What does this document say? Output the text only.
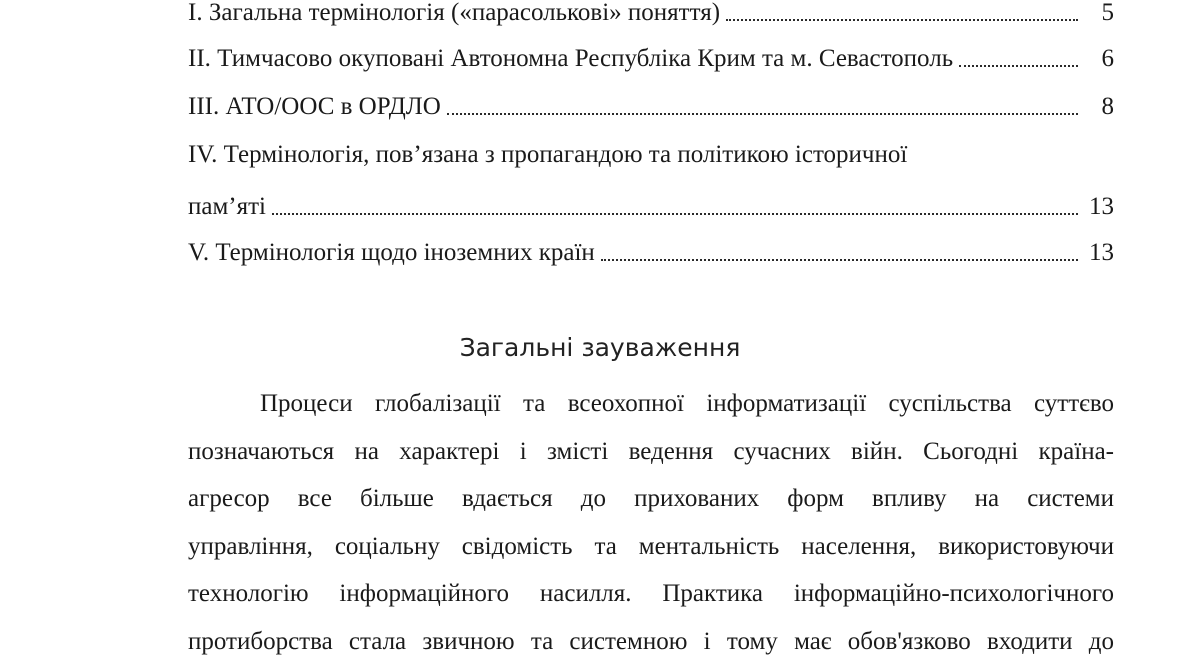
I. Загальна термінологія («парасолькові» поняття)	5
II. Тимчасово окуповані Автономна Республіка Крим та м. Севастополь	6
III. АТО/ООС в ОРДЛО	8
IV. Термінологія, пов’язана з пропагандою та політикою історичної
пам’яті	13
V. Термінологія щодо іноземних країн	13
Загальні зауваження
Процеси глобалізації та всеохопної інформатизації суспільства суттєво
позначаються на характері і змісті ведення сучасних війн. Сьогодні країна-
агресор все більше вдається до прихованих форм впливу на системи
управління, соціальну свідомість та ментальність населення, використовуючи
технологію інформаційного насилля. Практика інформаційно-психологічного
протиборства стала звичною та системною і тому має обов'язково входити до
